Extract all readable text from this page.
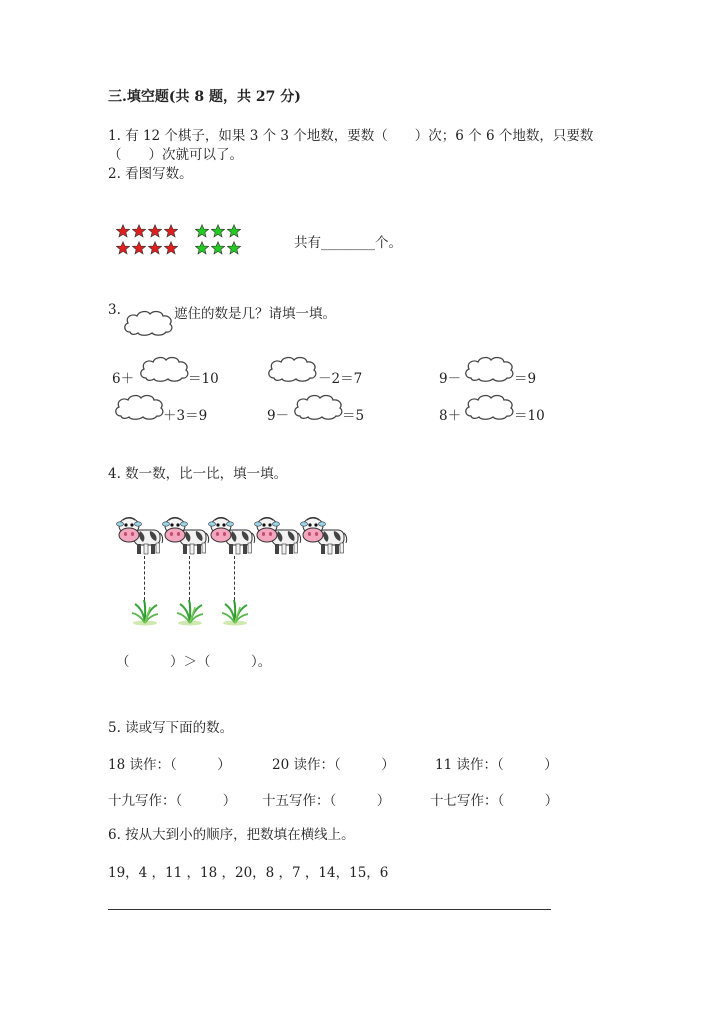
三.填空题(共 8 题，共 27 分)
1. 有 12 个棋子，如果 3 个 3 个地数，要数（　　）次；6 个 6 个地数，只要数
（　　）次就可以了。
2. 看图写数。
共有________个。
3.	遮住的数是几？请填一填。
6＋	＝10	－2＝7	9－	＝9
＋3＝9	9－	＝5	8＋	＝10
4. 数一数，比一比，填一填。
（　　　）＞（　　　）。
5. 读或写下面的数。
18 读作：（　　　）	20 读作：（　　　）	11 读作：（　　　）
十九写作：（　　　） 十五写作：（　　　）	十七写作：（　　　）
6. 按从大到小的顺序，把数填在横线上。
19，4 ，11 ，18 ，20，8 ，7 ，14，15，6
